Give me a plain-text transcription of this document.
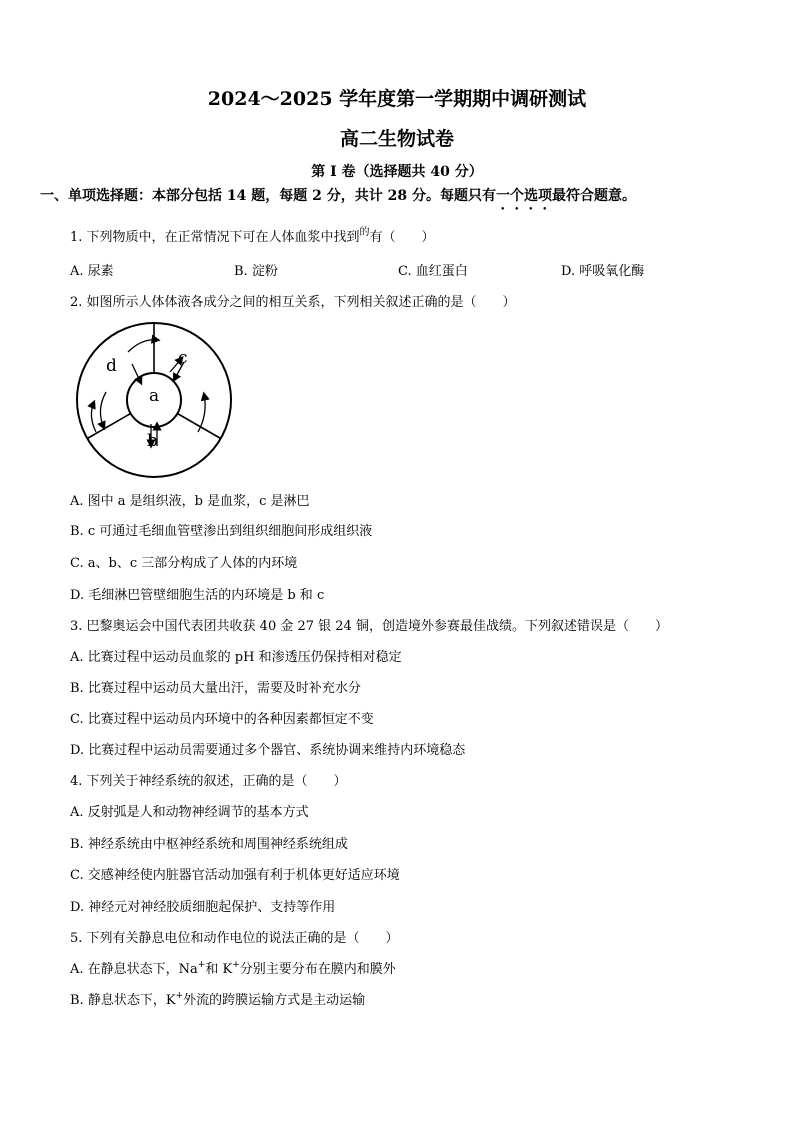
2024～2025 学年度第一学期期中调研测试
高二生物试卷
第 I 卷（选择题共 40 分）
一、单项选择题：本部分包括 14 题，每题 2 分，共计 28 分。每题只有一个选项最符合题意。
1. 下列物质中，在正常情况下可在人体血浆中找到$^的$有（　　）
A. 尿素	B. 淀粉	C. 血红蛋白	D. 呼吸氧化酶
2. 如图所示人体体液各成分之间的相互关系，下列相关叙述正确的是（　　）
a
b
c
d
A. 图中 a 是组织液，b 是血浆，c 是淋巴
B. c 可通过毛细血管壁渗出到组织细胞间形成组织液
C. a、b、c 三部分构成了人体的内环境
D. 毛细淋巴管壁细胞生活的内环境是 b 和 c
3. 巴黎奥运会中国代表团共收获 40 金 27 银 24 铜，创造境外参赛最佳战绩。下列叙述错误是（　　）
A. 比赛过程中运动员血浆的 pH 和渗透压仍保持相对稳定
B. 比赛过程中运动员大量出汗，需要及时补充水分
C. 比赛过程中运动员内环境中的各种因素都恒定不变
D. 比赛过程中运动员需要通过多个器官、系统协调来维持内环境稳态
4. 下列关于神经系统的叙述，正确的是（　　）
A. 反射弧是人和动物神经调节的基本方式
B. 神经系统由中枢神经系统和周围神经系统组成
C. 交感神经使内脏器官活动加强有利于机体更好适应环境
D. 神经元对神经胶质细胞起保护、支持等作用
5. 下列有关静息电位和动作电位的说法正确的是（　　）
A. 在静息状态下，Na+和 K+分别主要分布在膜内和膜外
B. 静息状态下，K+外流的跨膜运输方式是主动运输
